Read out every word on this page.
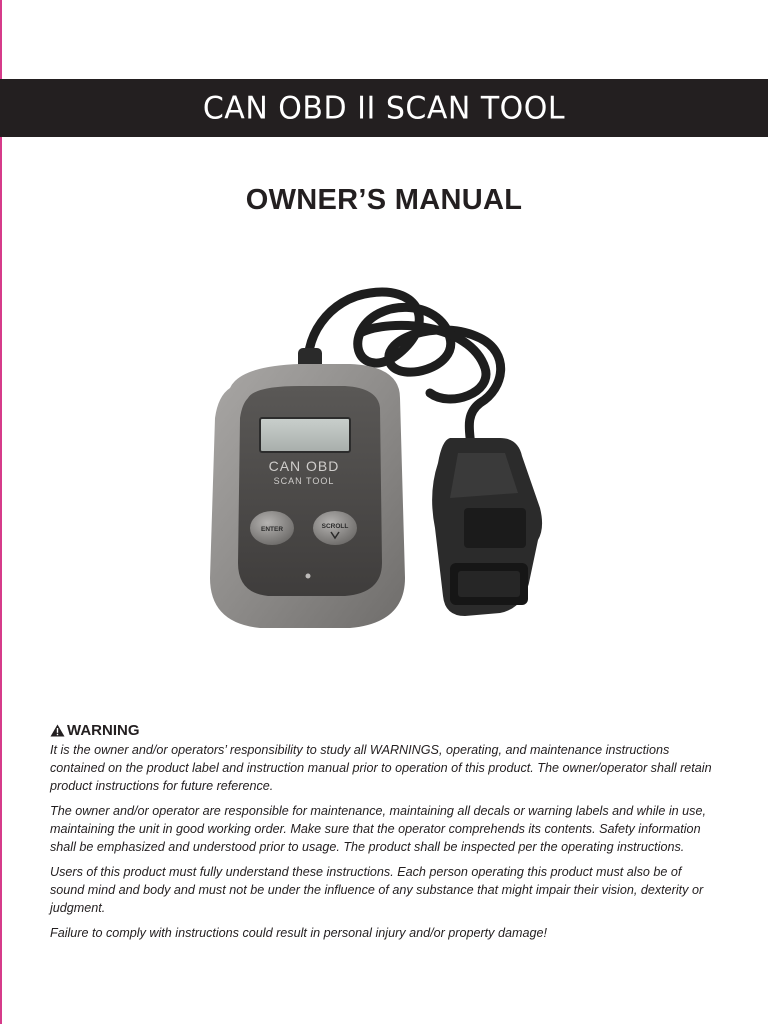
CAN OBD II SCAN TOOL
OWNER’S MANUAL
CAN OBD
SCAN TOOL
ENTER	SCROLL
WARNING

It is the owner and/or operators’ responsibility to study all WARNINGS, operating, and maintenance instructions contained on the product label and instruction manual prior to operation of this product. The owner/operator shall retain product instructions for future reference.

The owner and/or operator are responsible for maintenance, maintaining all decals or warning labels and while in use, maintaining the unit in good working order. Make sure that the operator comprehends its contents. Safety information shall be emphasized and understood prior to usage. The product shall be inspected per the operating instructions.

Users of this product must fully understand these instructions. Each person operating this product must also be of sound mind and body and must not be under the influence of any substance that might impair their vision, dexterity or judgment.

Failure to comply with instructions could result in personal injury and/or property damage!
